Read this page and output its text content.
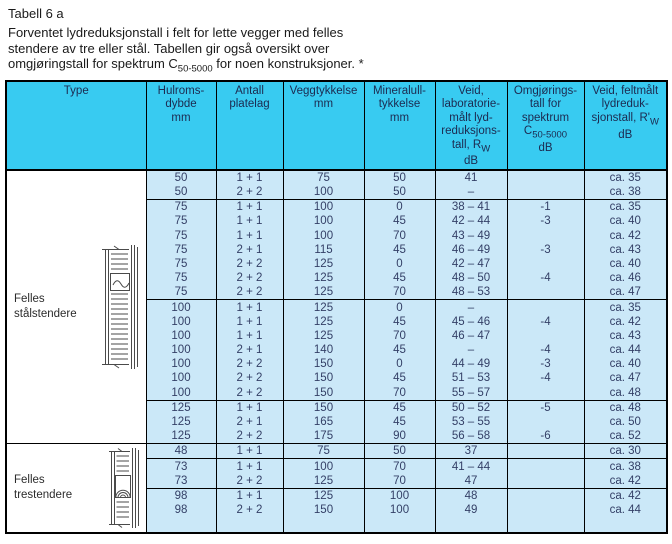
Tabell 6 a
Forventet lydreduksjonstall i felt for lette vegger med felles
stendere av tre eller stål. Tabellen gir også oversikt over
omgjøringstall for spektrum $C_{50-5000}$ for noen konstruksjoner. *
Type	Hulroms-
dybde
mm	Antall
platelag	Veggtykkelse
mm	Mineralull-
tykkelse
mm	Veid,
laboratorie-
målt lyd-
reduksjons-
tall, $R_W$
dB	Omgjørings-
tall for
spektrum
$C_{50-5000}$
dB	Veid, feltmålt
lydreduk-
sjonstall, $R'_W$
dB

Felles
stålstendere	50	1 + 1	75	50	41		ca. 35
	50	2 + 2	100	50	–		ca. 38
	75	1 + 1	100	0	38 – 41	-1	ca. 35
	75	1 + 1	100	45	42 – 44	-3	ca. 40
	75	1 + 1	100	70	43 – 49		ca. 42
	75	2 + 1	115	45	46 – 49	-3	ca. 43
	75	2 + 2	125	0	42 – 47		ca. 40
	75	2 + 2	125	45	48 – 50	-4	ca. 46
	75	2 + 2	125	70	48 – 53		ca. 47
	100	1 + 1	125	0	–		ca. 35
	100	1 + 1	125	45	45 – 46	-4	ca. 42
	100	1 + 1	125	70	46 – 47		ca. 43
	100	2 + 1	140	45	–	-4	ca. 44
	100	2 + 2	150	0	44 – 49	-3	ca. 40
	100	2 + 2	150	45	51 – 53	-4	ca. 47
	100	2 + 2	150	70	55 – 57		ca. 48
	125	1 + 1	150	45	50 – 52	-5	ca. 48
	125	2 + 1	165	45	53 – 55		ca. 50
	125	2 + 2	175	90	56 – 58	-6	ca. 52

Felles
trestendere	48	1 + 1	75	50	37		ca. 30
	73	1 + 1	100	70	41 – 44		ca. 38
	73	2 + 2	125	70	47		ca. 42
	98	1 + 1	125	100	48		ca. 42
	98	2 + 2	150	100	49		ca. 44
